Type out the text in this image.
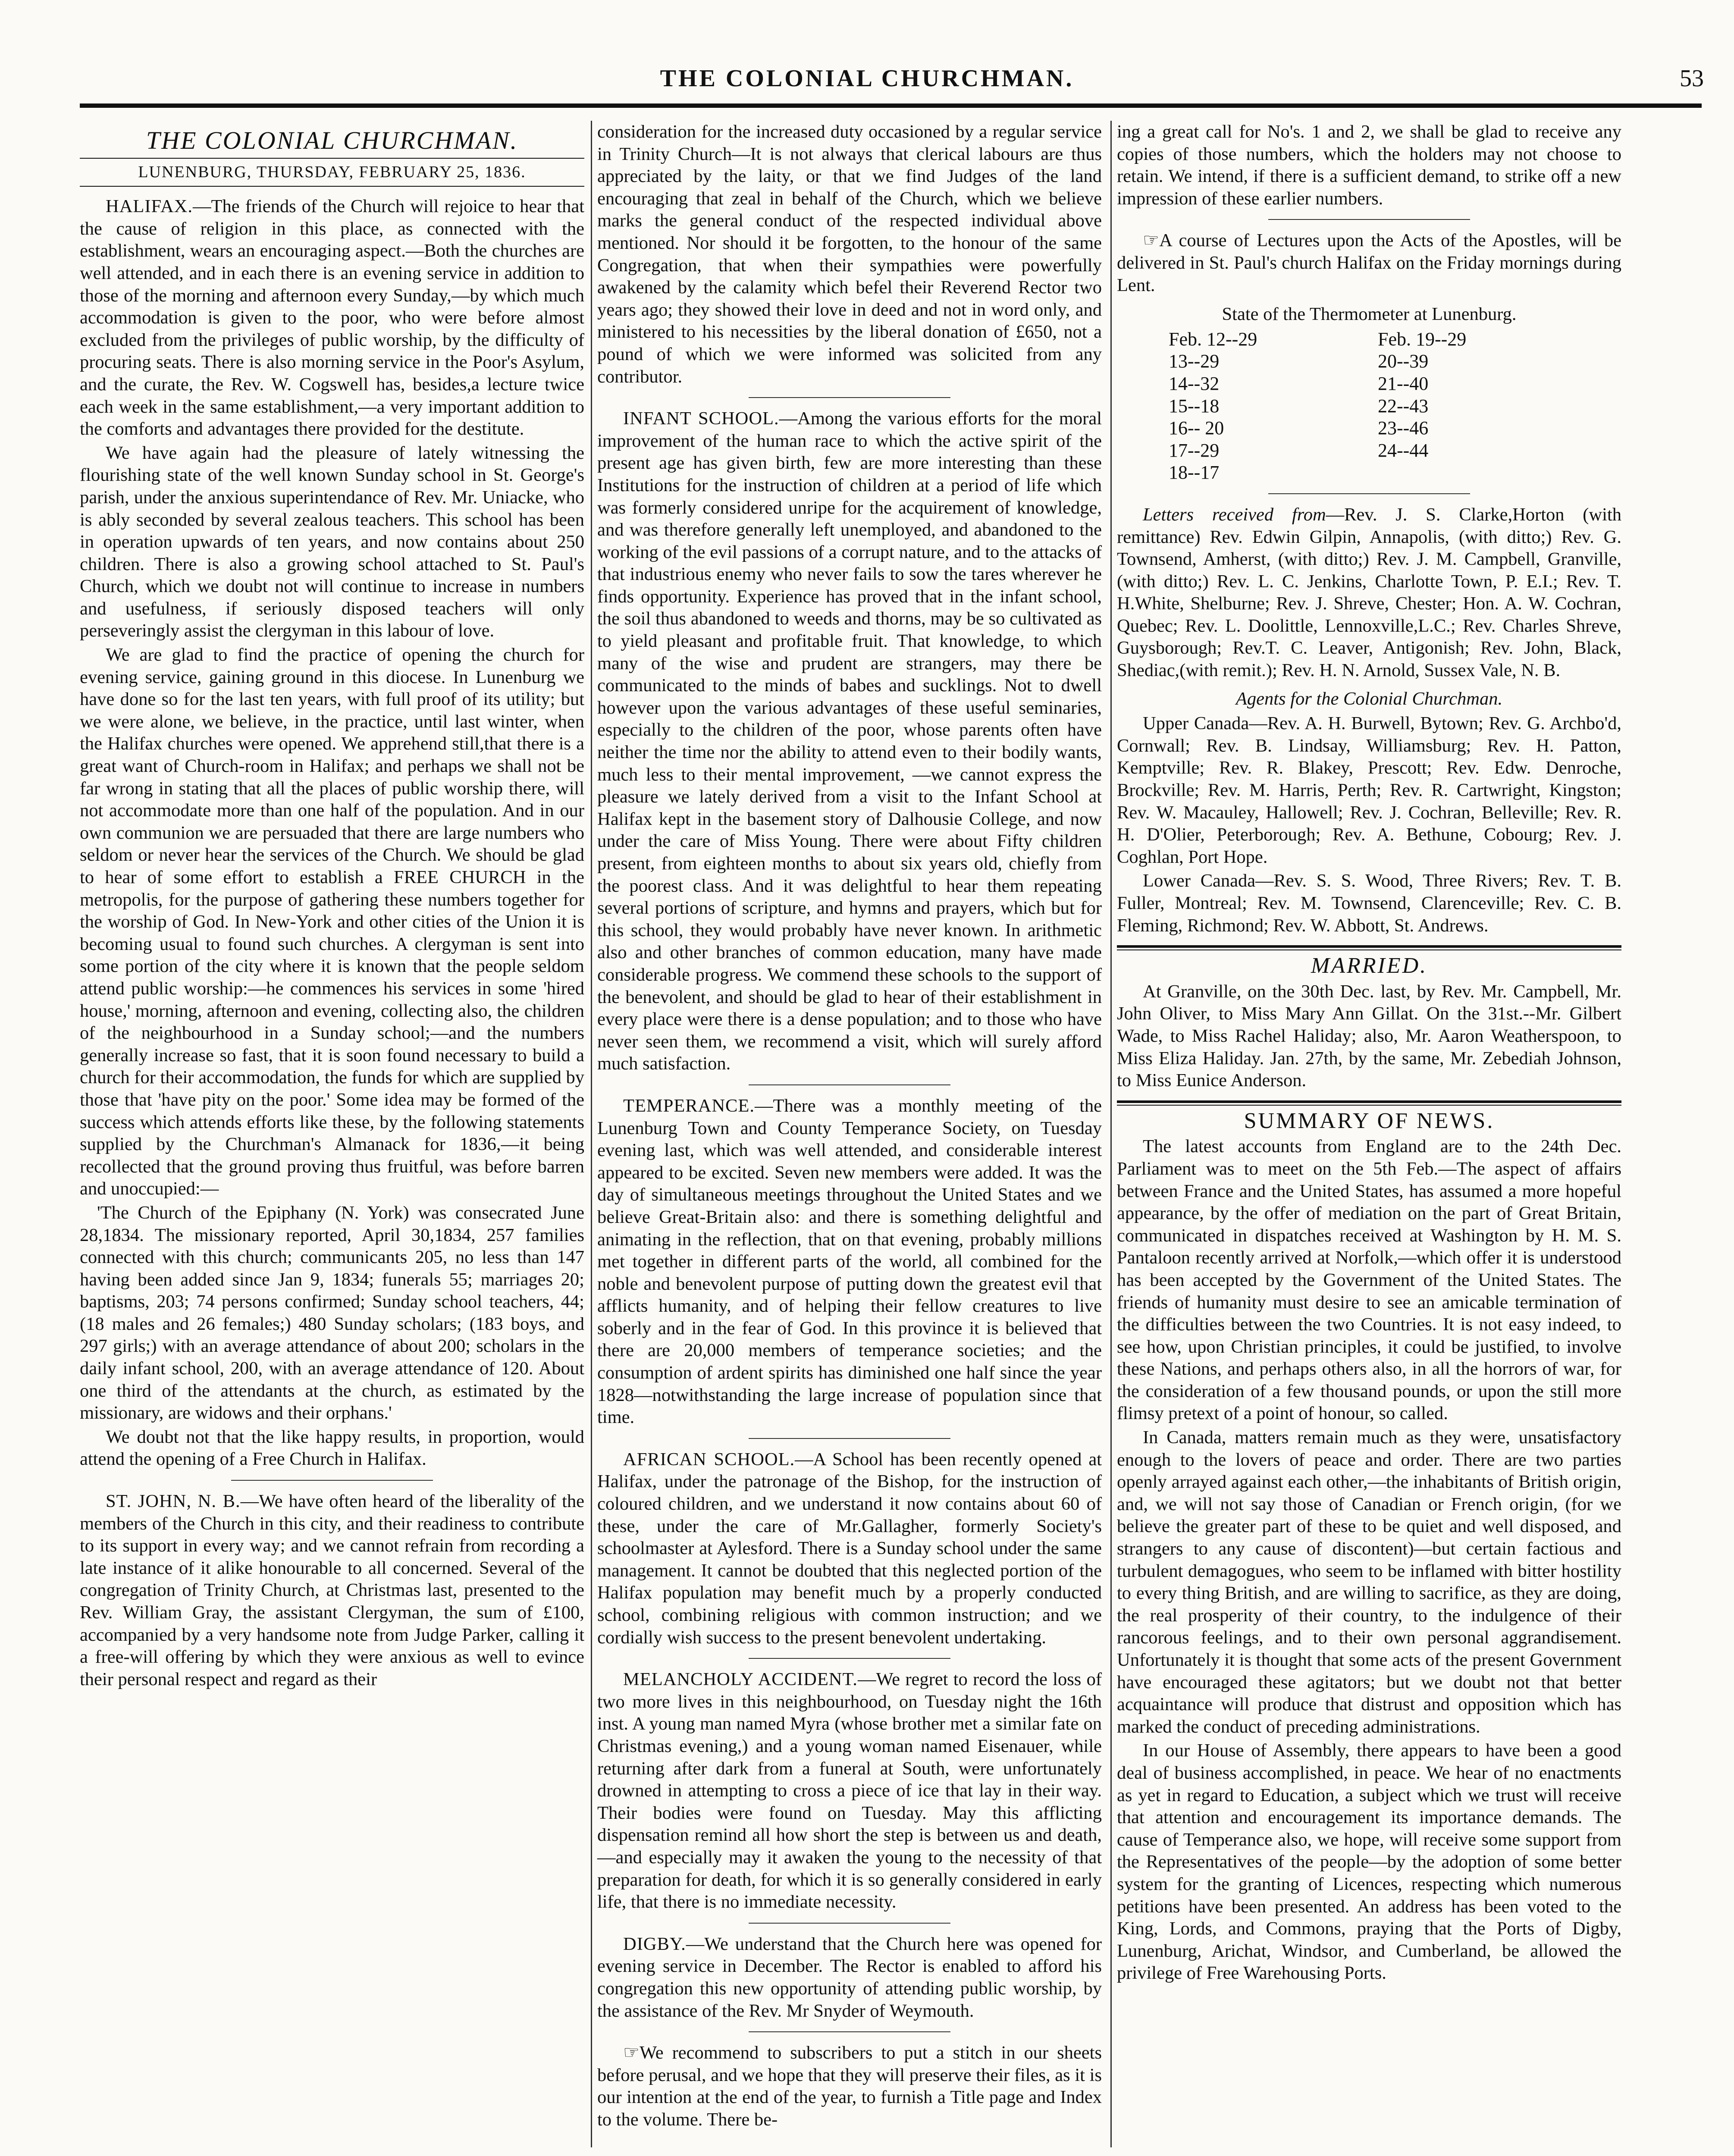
THE COLONIAL CHURCHMAN.	53
THE COLONIAL CHURCHMAN.
LUNENBURG, THURSDAY, FEBRUARY 25, 1836.

HALIFAX.—The friends of the Church will rejoice to hear that the cause of religion in this place, as connected with the establishment, wears an encouraging aspect.—Both the churches are well attended, and in each there is an evening service in addition to those of the morning and afternoon every Sunday,—by which much accommodation is given to the poor, who were before almost excluded from the privileges of public worship, by the difficulty of procuring seats. There is also morning service in the Poor's Asylum, and the curate, the Rev. W. Cogswell has, besides,a lecture twice each week in the same establishment,—a very important addition to the comforts and advantages there provided for the destitute.

We have again had the pleasure of lately witnessing the flourishing state of the well known Sunday school in St. George's parish, under the anxious superintendance of Rev. Mr. Uniacke, who is ably seconded by several zealous teachers. This school has been in operation upwards of ten years, and now contains about 250 children. There is also a growing school attached to St. Paul's Church, which we doubt not will continue to increase in numbers and usefulness, if seriously disposed teachers will only perseveringly assist the clergyman in this labour of love.

We are glad to find the practice of opening the church for evening service, gaining ground in this diocese. In Lunenburg we have done so for the last ten years, with full proof of its utility; but we were alone, we believe, in the practice, until last winter, when the Halifax churches were opened. We apprehend still,that there is a great want of Church-room in Halifax; and perhaps we shall not be far wrong in stating that all the places of public worship there, will not accommodate more than one half of the population. And in our own communion we are persuaded that there are large numbers who seldom or never hear the services of the Church. We should be glad to hear of some effort to establish a FREE CHURCH in the metropolis, for the purpose of gathering these numbers together for the worship of God. In New-York and other cities of the Union it is becoming usual to found such churches. A clergyman is sent into some portion of the city where it is known that the people seldom attend public worship:—he commences his services in some 'hired house,' morning, afternoon and evening, collecting also, the children of the neighbourhood in a Sunday school;—and the numbers generally increase so fast, that it is soon found necessary to build a church for their accommodation, the funds for which are supplied by those that 'have pity on the poor.' Some idea may be formed of the success which attends efforts like these, by the following statements supplied by the Churchman's Almanack for 1836,—it being recollected that the ground proving thus fruitful, was before barren and unoccupied:—

'The Church of the Epiphany (N. York) was consecrated June 28,1834. The missionary reported, April 30,1834, 257 families connected with this church; communicants 205, no less than 147 having been added since Jan 9, 1834; funerals 55; marriages 20; baptisms, 203; 74 persons confirmed; Sunday school teachers, 44; (18 males and 26 females;) 480 Sunday scholars; (183 boys, and 297 girls;) with an average attendance of about 200; scholars in the daily infant school, 200, with an average attendance of 120. About one third of the attendants at the church, as estimated by the missionary, are widows and their orphans.'

We doubt not that the like happy results, in proportion, would attend the opening of a Free Church in Halifax.

ST. JOHN, N. B.—We have often heard of the liberality of the members of the Church in this city, and their readiness to contribute to its support in every way; and we cannot refrain from recording a late instance of it alike honourable to all concerned. Several of the congregation of Trinity Church, at Christmas last, presented to the Rev. William Gray, the assistant Clergyman, the sum of £100, accompanied by a very handsome note from Judge Parker, calling it a free-will offering by which they were anxious as well to evince their personal respect and regard as their

consideration for the increased duty occasioned by a regular service in Trinity Church—It is not always that clerical labours are thus appreciated by the laity, or that we find Judges of the land encouraging that zeal in behalf of the Church, which we believe marks the general conduct of the respected individual above mentioned. Nor should it be forgotten, to the honour of the same Congregation, that when their sympathies were powerfully awakened by the calamity which befel their Reverend Rector two years ago; they showed their love in deed and not in word only, and ministered to his necessities by the liberal donation of £650, not a pound of which we were informed was solicited from any contributor.

INFANT SCHOOL.—Among the various efforts for the moral improvement of the human race to which the active spirit of the present age has given birth, few are more interesting than these Institutions for the instruction of children at a period of life which was formerly considered unripe for the acquirement of knowledge, and was therefore generally left unemployed, and abandoned to the working of the evil passions of a corrupt nature, and to the attacks of that industrious enemy who never fails to sow the tares wherever he finds opportunity. Experience has proved that in the infant school, the soil thus abandoned to weeds and thorns, may be so cultivated as to yield pleasant and profitable fruit. That knowledge, to which many of the wise and prudent are strangers, may there be communicated to the minds of babes and sucklings. Not to dwell however upon the various advantages of these useful seminaries, especially to the children of the poor, whose parents often have neither the time nor the ability to attend even to their bodily wants, much less to their mental improvement, —we cannot express the pleasure we lately derived from a visit to the Infant School at Halifax kept in the basement story of Dalhousie College, and now under the care of Miss Young. There were about Fifty children present, from eighteen months to about six years old, chiefly from the poorest class. And it was delightful to hear them repeating several portions of scripture, and hymns and prayers, which but for this school, they would probably have never known. In arithmetic also and other branches of common education, many have made considerable progress. We commend these schools to the support of the benevolent, and should be glad to hear of their establishment in every place were there is a dense population; and to those who have never seen them, we recommend a visit, which will surely afford much satisfaction.

TEMPERANCE.—There was a monthly meeting of the Lunenburg Town and County Temperance Society, on Tuesday evening last, which was well attended, and considerable interest appeared to be excited. Seven new members were added. It was the day of simultaneous meetings throughout the United States and we believe Great-Britain also: and there is something delightful and animating in the reflection, that on that evening, probably millions met together in different parts of the world, all combined for the noble and benevolent purpose of putting down the greatest evil that afflicts humanity, and of helping their fellow creatures to live soberly and in the fear of God. In this province it is believed that there are 20,000 members of temperance societies; and the consumption of ardent spirits has diminished one half since the year 1828—notwithstanding the large increase of population since that time.

AFRICAN SCHOOL.—A School has been recently opened at Halifax, under the patronage of the Bishop, for the instruction of coloured children, and we understand it now contains about 60 of these, under the care of Mr.Gallagher, formerly Society's schoolmaster at Aylesford. There is a Sunday school under the same management. It cannot be doubted that this neglected portion of the Halifax population may benefit much by a properly conducted school, combining religious with common instruction; and we cordially wish success to the present benevolent undertaking.

MELANCHOLY ACCIDENT.—We regret to record the loss of two more lives in this neighbourhood, on Tuesday night the 16th inst. A young man named Myra (whose brother met a similar fate on Christmas evening,) and a young woman named Eisenauer, while returning after dark from a funeral at South, were unfortunately drowned in attempting to cross a piece of ice that lay in their way. Their bodies were found on Tuesday. May this afflicting dispensation remind all how short the step is between us and death,—and especially may it awaken the young to the necessity of that preparation for death, for which it is so generally considered in early life, that there is no immediate necessity.

DIGBY.—We understand that the Church here was opened for evening service in December. The Rector is enabled to afford his congregation this new opportunity of attending public worship, by the assistance of the Rev. Mr Snyder of Weymouth.

☞We recommend to subscribers to put a stitch in our sheets before perusal, and we hope that they will preserve their files, as it is our intention at the end of the year, to furnish a Title page and Index to the volume. There be-

ing a great call for No's. 1 and 2, we shall be glad to receive any copies of those numbers, which the holders may not choose to retain. We intend, if there is a sufficient demand, to strike off a new impression of these earlier numbers.

☞A course of Lectures upon the Acts of the Apostles, will be delivered in St. Paul's church Halifax on the Friday mornings during Lent.

State of the Thermometer at Lunenburg.

Feb. 12--29
13--29
14--32
15--18
16-- 20
17--29
18--17
Feb. 19--29
20--39
21--40
22--43
23--46
24--44

Letters received from—Rev. J. S. Clarke,Horton (with remittance) Rev. Edwin Gilpin, Annapolis, (with ditto;) Rev. G. Townsend, Amherst, (with ditto;) Rev. J. M. Campbell, Granville, (with ditto;) Rev. L. C. Jenkins, Charlotte Town, P. E.I.; Rev. T. H.White, Shelburne; Rev. J. Shreve, Chester; Hon. A. W. Cochran, Quebec; Rev. L. Doolittle, Lennoxville,L.C.; Rev. Charles Shreve, Guysborough; Rev.T. C. Leaver, Antigonish; Rev. John, Black, Shediac,(with remit.); Rev. H. N. Arnold, Sussex Vale, N. B.

Agents for the Colonial Churchman.

Upper Canada—Rev. A. H. Burwell, Bytown; Rev. G. Archbo'd, Cornwall; Rev. B. Lindsay, Williamsburg; Rev. H. Patton, Kemptville; Rev. R. Blakey, Prescott; Rev. Edw. Denroche, Brockville; Rev. M. Harris, Perth; Rev. R. Cartwright, Kingston; Rev. W. Macauley, Hallowell; Rev. J. Cochran, Belleville; Rev. R. H. D'Olier, Peterborough; Rev. A. Bethune, Cobourg; Rev. J. Coghlan, Port Hope.

Lower Canada—Rev. S. S. Wood, Three Rivers; Rev. T. B. Fuller, Montreal; Rev. M. Townsend, Clarenceville; Rev. C. B. Fleming, Richmond; Rev. W. Abbott, St. Andrews.

MARRIED.

At Granville, on the 30th Dec. last, by Rev. Mr. Campbell, Mr. John Oliver, to Miss Mary Ann Gillat. On the 31st.--Mr. Gilbert Wade, to Miss Rachel Haliday; also, Mr. Aaron Weatherspoon, to Miss Eliza Haliday. Jan. 27th, by the same, Mr. Zebediah Johnson, to Miss Eunice Anderson.

SUMMARY OF NEWS.

The latest accounts from England are to the 24th Dec. Parliament was to meet on the 5th Feb.—The aspect of affairs between France and the United States, has assumed a more hopeful appearance, by the offer of mediation on the part of Great Britain, communicated in dispatches received at Washington by H. M. S. Pantaloon recently arrived at Norfolk,—which offer it is understood has been accepted by the Government of the United States. The friends of humanity must desire to see an amicable termination of the difficulties between the two Countries. It is not easy indeed, to see how, upon Christian principles, it could be justified, to involve these Nations, and perhaps others also, in all the horrors of war, for the consideration of a few thousand pounds, or upon the still more flimsy pretext of a point of honour, so called.

In Canada, matters remain much as they were, unsatisfactory enough to the lovers of peace and order. There are two parties openly arrayed against each other,—the inhabitants of British origin, and, we will not say those of Canadian or French origin, (for we believe the greater part of these to be quiet and well disposed, and strangers to any cause of discontent)—but certain factious and turbulent demagogues, who seem to be inflamed with bitter hostility to every thing British, and are willing to sacrifice, as they are doing, the real prosperity of their country, to the indulgence of their rancorous feelings, and to their own personal aggrandisement. Unfortunately it is thought that some acts of the present Government have encouraged these agitators; but we doubt not that better acquaintance will produce that distrust and opposition which has marked the conduct of preceding administrations.

In our House of Assembly, there appears to have been a good deal of business accomplished, in peace. We hear of no enactments as yet in regard to Education, a subject which we trust will receive that attention and encouragement its importance demands. The cause of Temperance also, we hope, will receive some support from the Representatives of the people—by the adoption of some better system for the granting of Licences, respecting which numerous petitions have been presented. An address has been voted to the King, Lords, and Commons, praying that the Ports of Digby, Lunenburg, Arichat, Windsor, and Cumberland, be allowed the privilege of Free Warehousing Ports.
